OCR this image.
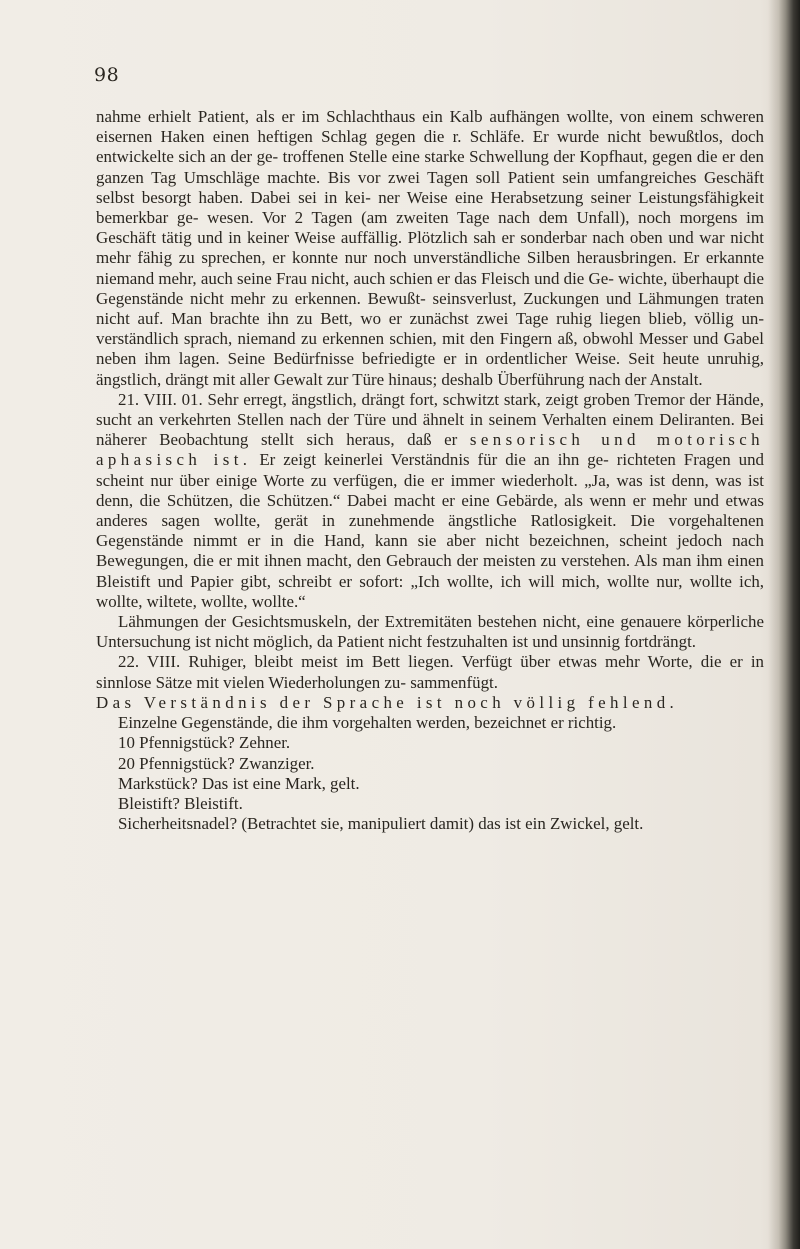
98

nahme erhielt Patient, als er im Schlachthaus ein Kalb aufhängen wollte, von einem schweren eisernen Haken einen heftigen Schlag gegen die r. Schläfe. Er wurde nicht bewußtlos, doch entwickelte sich an der ge- troffenen Stelle eine starke Schwellung der Kopfhaut, gegen die er den ganzen Tag Umschläge machte. Bis vor zwei Tagen soll Patient sein umfangreiches Geschäft selbst besorgt haben. Dabei sei in kei- ner Weise eine Herabsetzung seiner Leistungsfähigkeit bemerkbar ge- wesen. Vor 2 Tagen (am zweiten Tage nach dem Unfall), noch morgens im Geschäft tätig und in keiner Weise auffällig. Plötzlich sah er sonderbar nach oben und war nicht mehr fähig zu sprechen, er konnte nur noch unverständliche Silben herausbringen. Er erkannte niemand mehr, auch seine Frau nicht, auch schien er das Fleisch und die Ge- wichte, überhaupt die Gegenstände nicht mehr zu erkennen. Bewußt- seinsverlust, Zuckungen und Lähmungen traten nicht auf. Man brachte ihn zu Bett, wo er zunächst zwei Tage ruhig liegen blieb, völlig un- verständlich sprach, niemand zu erkennen schien, mit den Fingern aß, obwohl Messer und Gabel neben ihm lagen. Seine Bedürfnisse befriedigte er in ordentlicher Weise. Seit heute unruhig, ängstlich, drängt mit aller Gewalt zur Türe hinaus; deshalb Überführung nach der Anstalt.

21. VIII. 01. Sehr erregt, ängstlich, drängt fort, schwitzt stark, zeigt groben Tremor der Hände, sucht an verkehrten Stellen nach der Türe und ähnelt in seinem Verhalten einem Deliranten. Bei näherer Beobachtung stellt sich heraus, daß er sensorisch und motorisch aphasisch ist. Er zeigt keinerlei Verständnis für die an ihn ge- richteten Fragen und scheint nur über einige Worte zu verfügen, die er immer wiederholt. „Ja, was ist denn, was ist denn, die Schützen, die Schützen.“ Dabei macht er eine Gebärde, als wenn er mehr und etwas anderes sagen wollte, gerät in zunehmende ängstliche Ratlosigkeit. Die vorgehaltenen Gegenstände nimmt er in die Hand, kann sie aber nicht bezeichnen, scheint jedoch nach Bewegungen, die er mit ihnen macht, den Gebrauch der meisten zu verstehen. Als man ihm einen Bleistift und Papier gibt, schreibt er sofort: „Ich wollte, ich will mich, wollte nur, wollte ich, wollte, wiltete, wollte, wollte.“

Lähmungen der Gesichtsmuskeln, der Extremitäten bestehen nicht, eine genauere körperliche Untersuchung ist nicht möglich, da Patient nicht festzuhalten ist und unsinnig fortdrängt.

22. VIII. Ruhiger, bleibt meist im Bett liegen. Verfügt über etwas mehr Worte, die er in sinnlose Sätze mit vielen Wiederholungen zu- sammenfügt.

Das Verständnis der Sprache ist noch völlig fehlend.

Einzelne Gegenstände, die ihm vorgehalten werden, bezeichnet er richtig.

10 Pfennigstück? Zehner.

20 Pfennigstück? Zwanziger.

Markstück? Das ist eine Mark, gelt.

Bleistift? Bleistift.

Sicherheitsnadel? (Betrachtet sie, manipuliert damit) das ist ein Zwickel, gelt.
